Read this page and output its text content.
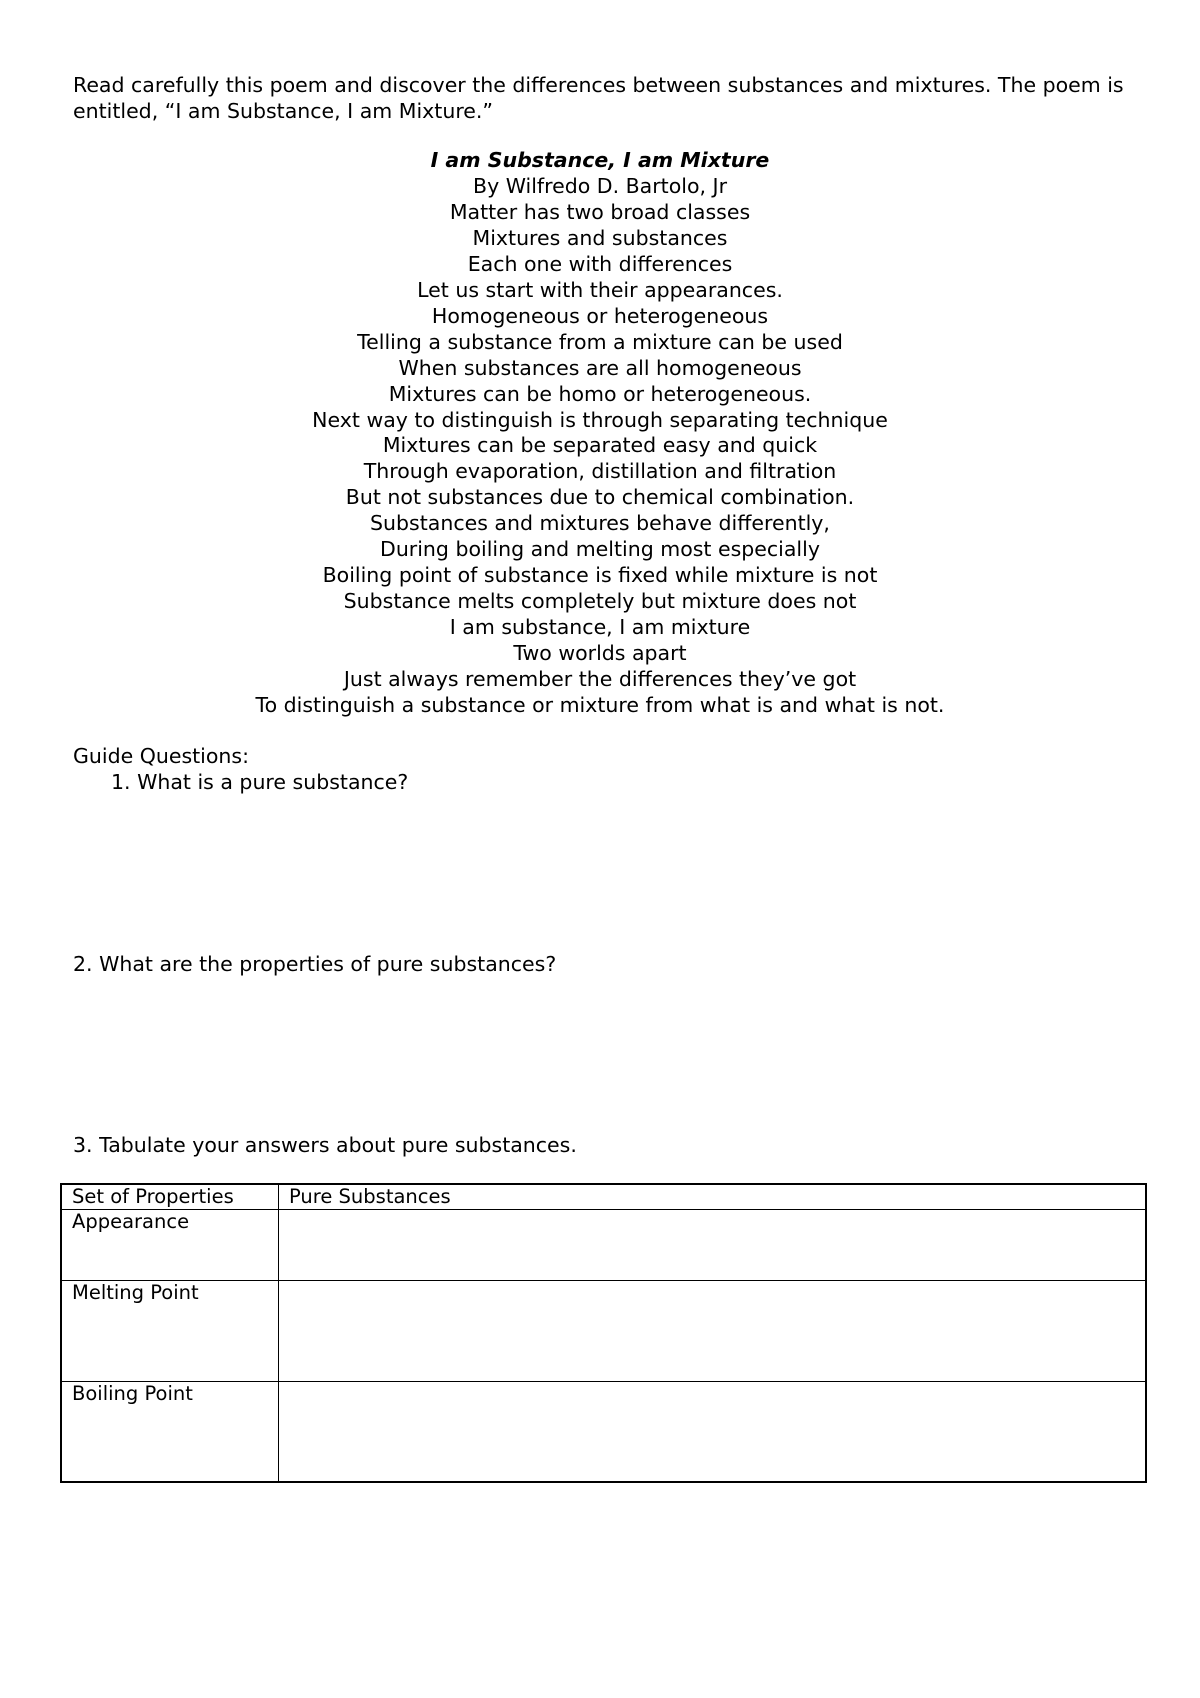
Read carefully this poem and discover the differences between substances and mixtures. The poem is entitled, “I am Substance, I am Mixture.”

I am Substance, I am Mixture
By Wilfredo D. Bartolo, Jr
Matter has two broad classes
Mixtures and substances
Each one with differences
Let us start with their appearances.
Homogeneous or heterogeneous
Telling a substance from a mixture can be used
When substances are all homogeneous
Mixtures can be homo or heterogeneous.
Next way to distinguish is through separating technique
Mixtures can be separated easy and quick
Through evaporation, distillation and filtration
But not substances due to chemical combination.
Substances and mixtures behave differently,
During boiling and melting most especially
Boiling point of substance is fixed while mixture is not
Substance melts completely but mixture does not
I am substance, I am mixture
Two worlds apart
Just always remember the differences they’ve got
To distinguish a substance or mixture from what is and what is not.

Guide Questions:

1. What is a pure substance?

2. What are the properties of pure substances?

3. Tabulate your answers about pure substances.

Set of Properties	Pure Substances
Appearance	
Melting Point	
Boiling Point	
